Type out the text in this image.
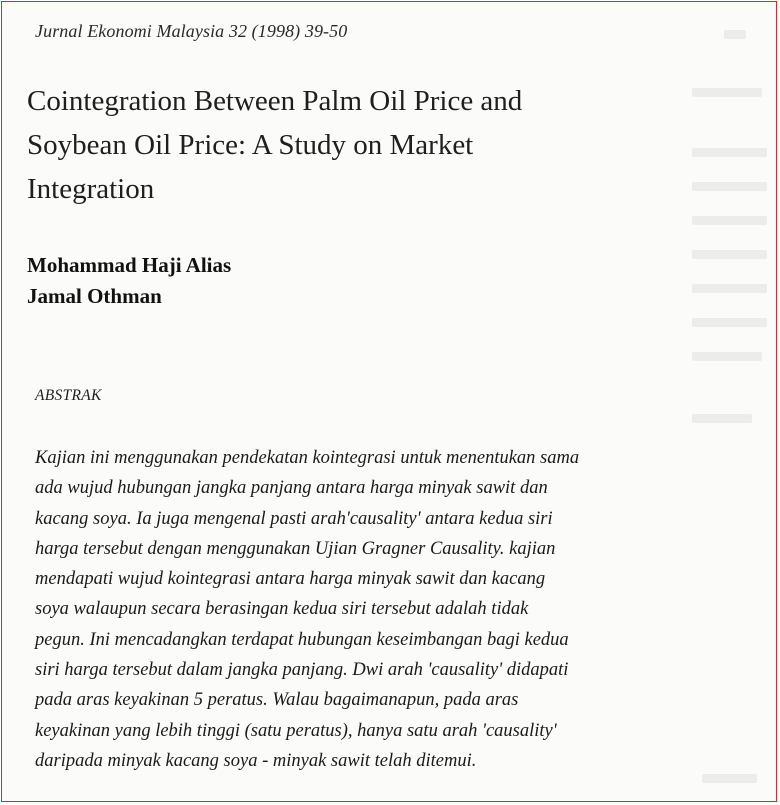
Jurnal Ekonomi Malaysia 32 (1998) 39-50
Cointegration Between Palm Oil Price and
Soybean Oil Price: A Study on Market
Integration
Mohammad Haji Alias
Jamal Othman
ABSTRAK
Kajian ini menggunakan pendekatan kointegrasi untuk menentukan sama
ada wujud hubungan jangka panjang antara harga minyak sawit dan
kacang soya. Ia juga mengenal pasti arah'causality' antara kedua siri
harga tersebut dengan menggunakan Ujian Gragner Causality. kajian
mendapati wujud kointegrasi antara harga minyak sawit dan kacang
soya walaupun secara berasingan kedua siri tersebut adalah tidak
pegun. Ini mencadangkan terdapat hubungan keseimbangan bagi kedua
siri harga tersebut dalam jangka panjang. Dwi arah 'causality' didapati
pada aras keyakinan 5 peratus. Walau bagaimanapun, pada aras
keyakinan yang lebih tinggi (satu peratus), hanya satu arah 'causality'
daripada minyak kacang soya - minyak sawit telah ditemui.
